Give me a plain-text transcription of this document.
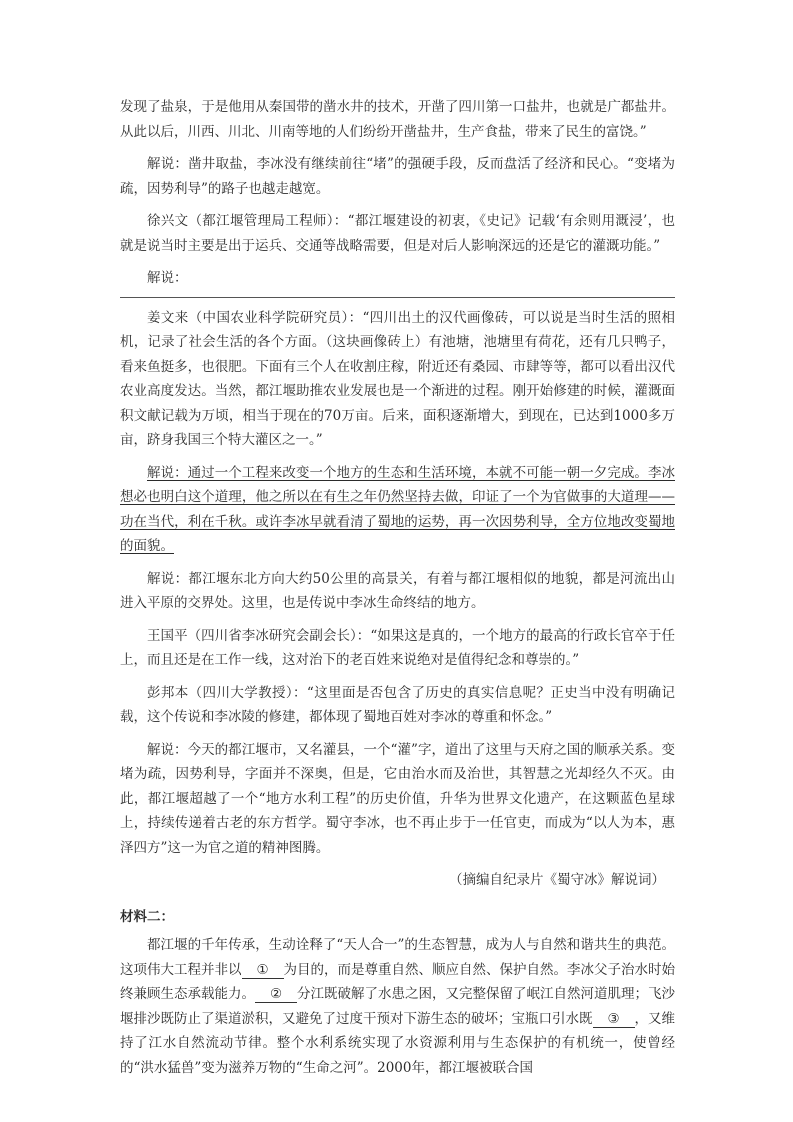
发现了盐泉，于是他用从秦国带的凿水井的技术，开凿了四川第一口盐井，也就是广都盐井。从此以后，川西、川北、川南等地的人们纷纷开凿盐井，生产食盐，带来了民生的富饶。”

解说：凿井取盐，李冰没有继续前往“堵”的强硬手段，反而盘活了经济和民心。“变堵为疏，因势利导”的路子也越走越宽。

徐兴文（都江堰管理局工程师）：“都江堰建设的初衷，《史记》记载‘有余则用溉浸’，也就是说当时主要是出于运兵、交通等战略需要，但是对后人影响深远的还是它的灌溉功能。”

解说：

姜文来（中国农业科学院研究员）：“四川出土的汉代画像砖，可以说是当时生活的照相机，记录了社会生活的各个方面。（这块画像砖上）有池塘，池塘里有荷花，还有几只鸭子，看来鱼挺多，也很肥。下面有三个人在收割庄稼，附近还有桑园、市肆等等，都可以看出汉代农业高度发达。当然，都江堰助推农业发展也是一个渐进的过程。刚开始修建的时候，灌溉面积文献记载为万顷，相当于现在的70万亩。后来，面积逐渐增大，到现在，已达到1000多万亩，跻身我国三个特大灌区之一。”

解说：通过一个工程来改变一个地方的生态和生活环境，本就不可能一朝一夕完成。李冰想必也明白这个道理，他之所以在有生之年仍然坚持去做，印证了一个为官做事的大道理——功在当代，利在千秋。或许李冰早就看清了蜀地的运势，再一次因势利导，全方位地改变蜀地的面貌。

解说：都江堰东北方向大约50公里的高景关，有着与都江堰相似的地貌，都是河流出山进入平原的交界处。这里，也是传说中李冰生命终结的地方。

王国平（四川省李冰研究会副会长）：“如果这是真的，一个地方的最高的行政长官卒于任上，而且还是在工作一线，这对治下的老百姓来说绝对是值得纪念和尊崇的。”

彭邦本（四川大学教授）：“这里面是否包含了历史的真实信息呢？正史当中没有明确记载，这个传说和李冰陵的修建，都体现了蜀地百姓对李冰的尊重和怀念。”

解说：今天的都江堰市，又名灌县，一个“灌”字，道出了这里与天府之国的顺承关系。变堵为疏，因势利导，字面并不深奥，但是，它由治水而及治世，其智慧之光却经久不灭。由此，都江堰超越了一个“地方水利工程”的历史价值，升华为世界文化遗产，在这颗蓝色星球上，持续传递着古老的东方哲学。蜀守李冰，也不再止步于一任官吏，而成为“以人为本，惠泽四方”这一为官之道的精神图腾。

（摘编自纪录片《蜀守冰》解说词）

材料二：

都江堰的千年传承，生动诠释了“天人合一”的生态智慧，成为人与自然和谐共生的典范。这项伟大工程并非以 ① 为目的，而是尊重自然、顺应自然、保护自然。李冰父子治水时始终兼顾生态承载能力。 ② 分江既破解了水患之困，又完整保留了岷江自然河道肌理；飞沙堰排沙既防止了渠道淤积，又避免了过度干预对下游生态的破坏；宝瓶口引水既 ③ ，又维持了江水自然流动节律。整个水利系统实现了水资源利用与生态保护的有机统一，使曾经的“洪水猛兽”变为滋养万物的“生命之河”。2000年，都江堰被联合国
